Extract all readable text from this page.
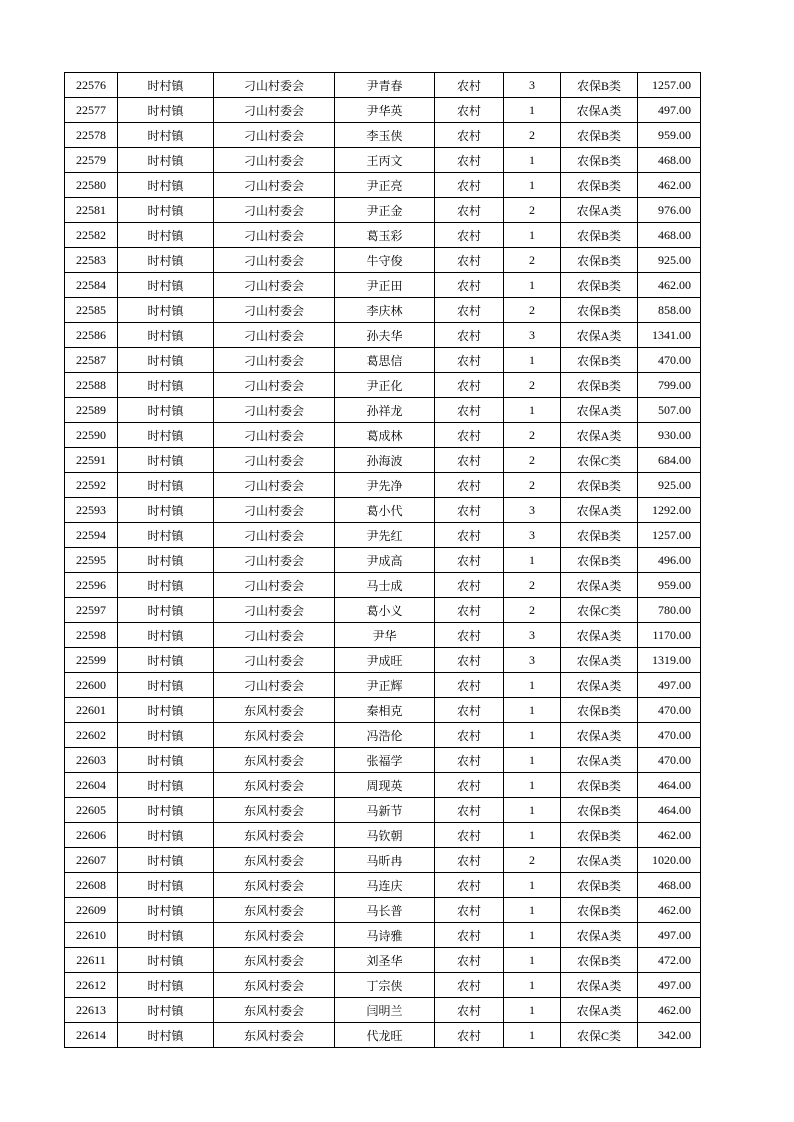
22576	时村镇	刁山村委会	尹青春	农村	3	农保B类	1257.00
22577	时村镇	刁山村委会	尹华英	农村	1	农保A类	497.00
22578	时村镇	刁山村委会	李玉侠	农村	2	农保B类	959.00
22579	时村镇	刁山村委会	王丙文	农村	1	农保B类	468.00
22580	时村镇	刁山村委会	尹正亮	农村	1	农保B类	462.00
22581	时村镇	刁山村委会	尹正金	农村	2	农保A类	976.00
22582	时村镇	刁山村委会	葛玉彩	农村	1	农保B类	468.00
22583	时村镇	刁山村委会	牛守俊	农村	2	农保B类	925.00
22584	时村镇	刁山村委会	尹正田	农村	1	农保B类	462.00
22585	时村镇	刁山村委会	李庆林	农村	2	农保B类	858.00
22586	时村镇	刁山村委会	孙夫华	农村	3	农保A类	1341.00
22587	时村镇	刁山村委会	葛思信	农村	1	农保B类	470.00
22588	时村镇	刁山村委会	尹正化	农村	2	农保B类	799.00
22589	时村镇	刁山村委会	孙祥龙	农村	1	农保A类	507.00
22590	时村镇	刁山村委会	葛成林	农村	2	农保A类	930.00
22591	时村镇	刁山村委会	孙海波	农村	2	农保C类	684.00
22592	时村镇	刁山村委会	尹先净	农村	2	农保B类	925.00
22593	时村镇	刁山村委会	葛小代	农村	3	农保A类	1292.00
22594	时村镇	刁山村委会	尹先红	农村	3	农保B类	1257.00
22595	时村镇	刁山村委会	尹成高	农村	1	农保B类	496.00
22596	时村镇	刁山村委会	马士成	农村	2	农保A类	959.00
22597	时村镇	刁山村委会	葛小义	农村	2	农保C类	780.00
22598	时村镇	刁山村委会	尹华	农村	3	农保A类	1170.00
22599	时村镇	刁山村委会	尹成旺	农村	3	农保A类	1319.00
22600	时村镇	刁山村委会	尹正辉	农村	1	农保A类	497.00
22601	时村镇	东风村委会	秦相克	农村	1	农保B类	470.00
22602	时村镇	东风村委会	冯浩伦	农村	1	农保A类	470.00
22603	时村镇	东风村委会	张福学	农村	1	农保A类	470.00
22604	时村镇	东风村委会	周现英	农村	1	农保B类	464.00
22605	时村镇	东风村委会	马新节	农村	1	农保B类	464.00
22606	时村镇	东风村委会	马钦朝	农村	1	农保B类	462.00
22607	时村镇	东风村委会	马昕冉	农村	2	农保A类	1020.00
22608	时村镇	东风村委会	马连庆	农村	1	农保B类	468.00
22609	时村镇	东风村委会	马长普	农村	1	农保B类	462.00
22610	时村镇	东风村委会	马诗雅	农村	1	农保A类	497.00
22611	时村镇	东风村委会	刘圣华	农村	1	农保B类	472.00
22612	时村镇	东风村委会	丁宗侠	农村	1	农保A类	497.00
22613	时村镇	东风村委会	闫明兰	农村	1	农保A类	462.00
22614	时村镇	东风村委会	代龙旺	农村	1	农保C类	342.00
